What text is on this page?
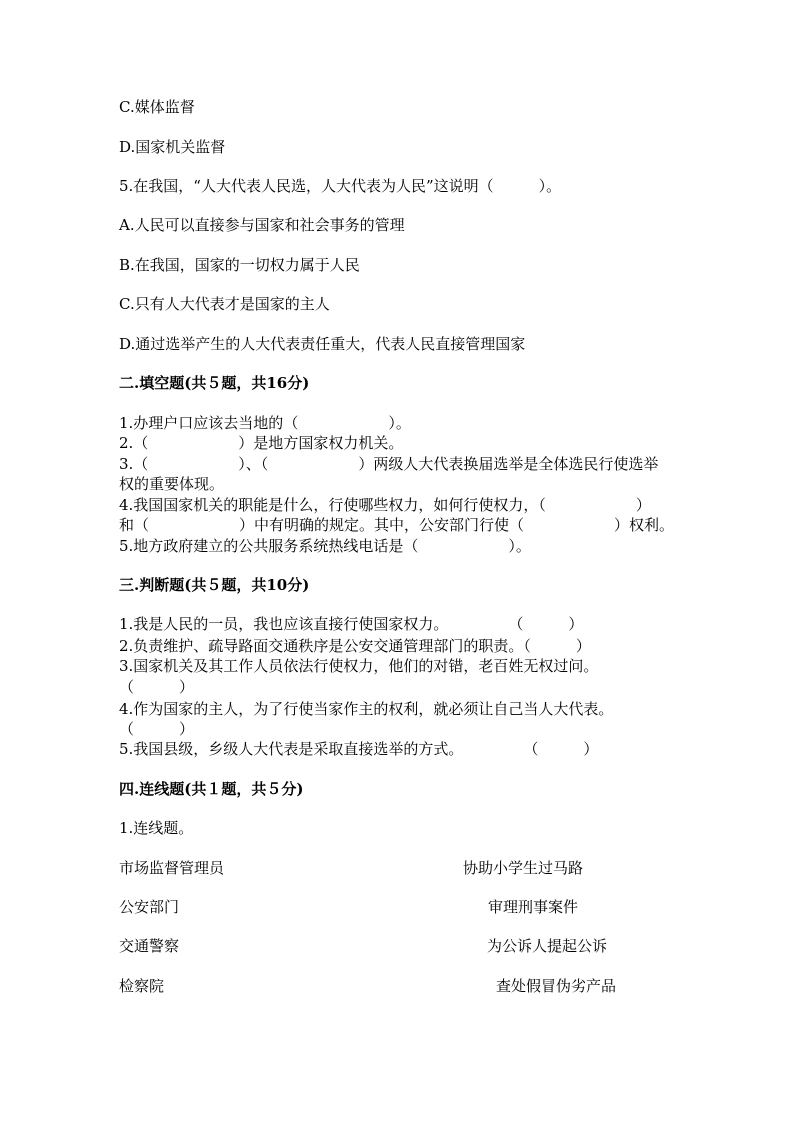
C.媒体监督
D.国家机关监督
5.在我国，“人大代表人民选，人大代表为人民”这说明（　　　）。
A.人民可以直接参与国家和社会事务的管理
B.在我国，国家的一切权力属于人民
C.只有人大代表才是国家的主人
D.通过选举产生的人大代表责任重大，代表人民直接管理国家
二.填空题(共５题，共16分)
1.办理户口应该去当地的（　　　　　　）。
2.（　　　　　　）是地方国家权力机关。
3.（　　　　　　）、（　　　　　　）两级人大代表换届选举是全体选民行使选举
权的重要体现。
4.我国国家机关的职能是什么，行使哪些权力，如何行使权力，（　　　　　　）
和（　　　　　　）中有明确的规定。其中，公安部门行使（　　　　　　）权利。
5.地方政府建立的公共服务系统热线电话是（　　　　　　）。
三.判断题(共５题，共10分)
1.我是人民的一员，我也应该直接行使国家权力。　　　　　（　　　）
2.负责维护、疏导路面交通秩序是公安交通管理部门的职责。（　　　）
3.国家机关及其工作人员依法行使权力，他们的对错，老百姓无权过问。
（　　　）
4.作为国家的主人，为了行使当家作主的权利，就必须让自己当人大代表。
（　　　）
5.我国县级，乡级人大代表是采取直接选举的方式。　　　　　（　　　）
四.连线题(共１题，共５分)
1.连线题。
市场监督管理员	协助小学生过马路
公安部门	审理刑事案件
交通警察	为公诉人提起公诉
检察院	查处假冒伪劣产品
